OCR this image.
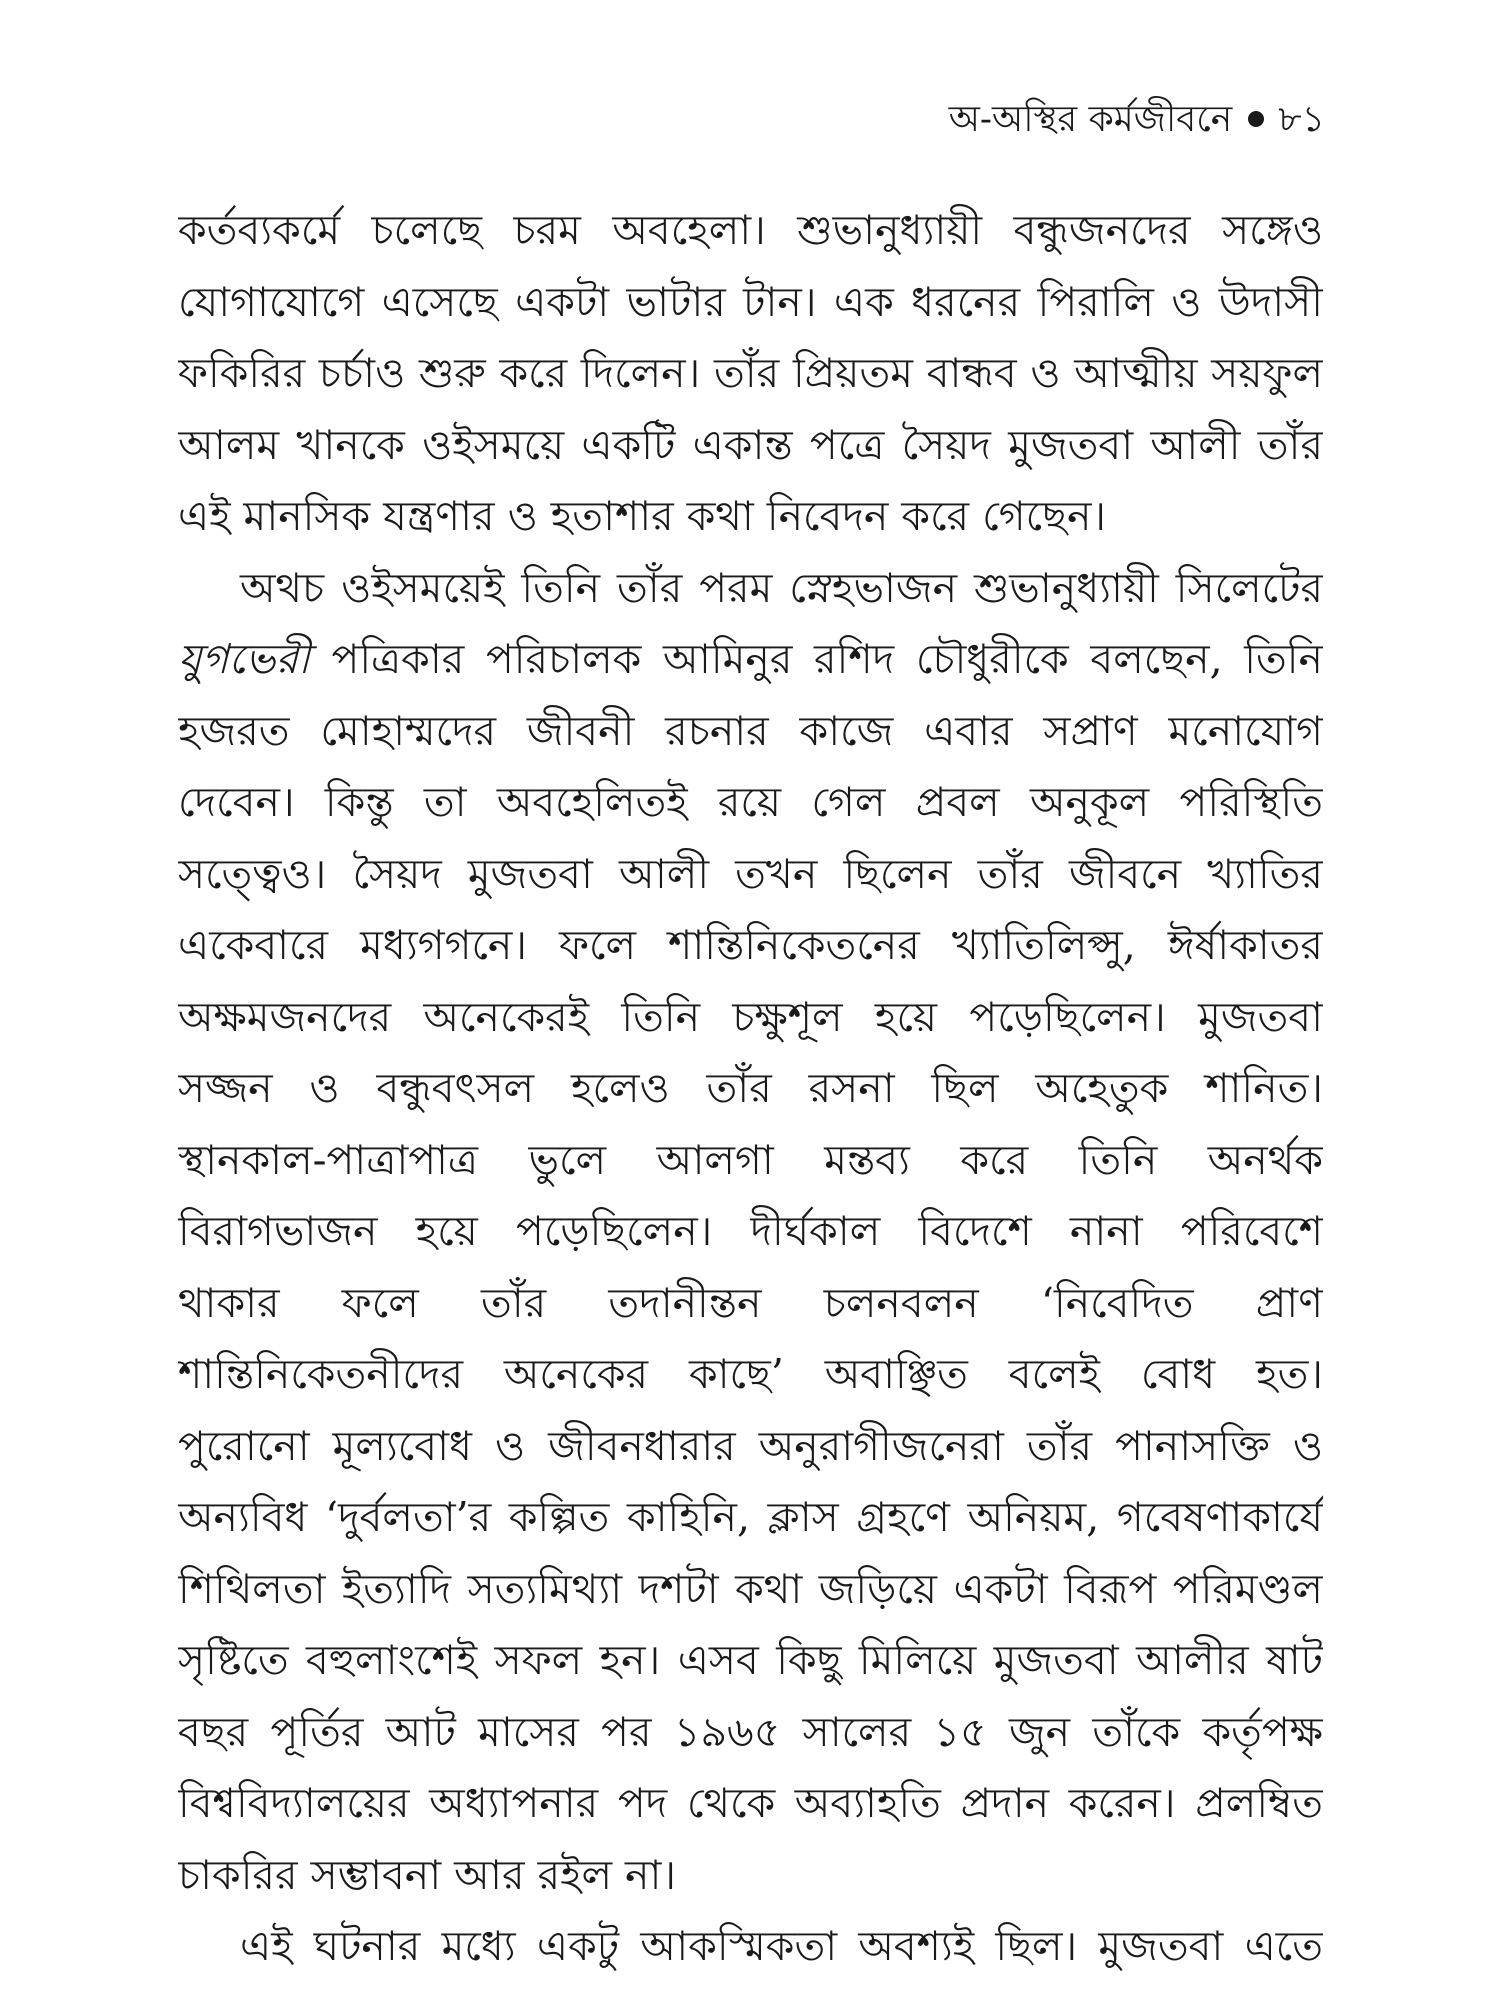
অ-অস্থির কর্মজীবনে ৮১
কর্তব্যকর্মে চলেছে চরম অবহেলা। শুভানুধ্যায়ী বন্ধুজনদের সঙ্গেও
যোগাযোগে এসেছে একটা ভাটার টান। এক ধরনের পিরালি ও উদাসী
ফকিরির চর্চাও শুরু করে দিলেন। তাঁর প্রিয়তম বান্ধব ও আত্মীয় সয়ফুল
আলম খানকে ওইসময়ে একটি একান্ত পত্রে সৈয়দ মুজতবা আলী তাঁর
এই মানসিক যন্ত্রণার ও হতাশার কথা নিবেদন করে গেছেন।
অথচ ওইসময়েই তিনি তাঁর পরম স্নেহভাজন শুভানুধ্যায়ী সিলেটের
যুগভেরী পত্রিকার পরিচালক আমিনুর রশিদ চৌধুরীকে বলছেন, তিনি
হজরত মোহাম্মদের জীবনী রচনার কাজে এবার সপ্রাণ মনোযোগ
দেবেন। কিন্তু তা অবহেলিতই রয়ে গেল প্রবল অনুকূল পরিস্থিতি
সত্ত্বেও। সৈয়দ মুজতবা আলী তখন ছিলেন তাঁর জীবনে খ্যাতির
একেবারে মধ্যগগনে। ফলে শান্তিনিকেতনের খ্যাতিলিপ্সু, ঈর্ষাকাতর
অক্ষমজনদের অনেকেরই তিনি চক্ষুশূল হয়ে পড়েছিলেন। মুজতবা
সজ্জন ও বন্ধুবৎসল হলেও তাঁর রসনা ছিল অহেতুক শানিত।
স্থানকাল-পাত্রাপাত্র ভুলে আলগা মন্তব্য করে তিনি অনর্থক
বিরাগভাজন হয়ে পড়েছিলেন। দীর্ঘকাল বিদেশে নানা পরিবেশে
থাকার ফলে তাঁর তদানীন্তন চলনবলন ‘নিবেদিত প্রাণ
শান্তিনিকেতনীদের অনেকের কাছে’ অবাঞ্ছিত বলেই বোধ হত।
পুরোনো মূল্যবোধ ও জীবনধারার অনুরাগীজনেরা তাঁর পানাসক্তি ও
অন্যবিধ ‘দুর্বলতা’র কল্পিত কাহিনি, ক্লাস গ্রহণে অনিয়ম, গবেষণাকার্যে
শিথিলতা ইত্যাদি সত্যমিথ্যা দশটা কথা জড়িয়ে একটা বিরূপ পরিমণ্ডল
সৃষ্টিতে বহুলাংশেই সফল হন। এসব কিছু মিলিয়ে মুজতবা আলীর ষাট
বছর পূর্তির আট মাসের পর ১৯৬৫ সালের ১৫ জুন তাঁকে কর্তৃপক্ষ
বিশ্ববিদ্যালয়ের অধ্যাপনার পদ থেকে অব্যাহতি প্রদান করেন। প্রলম্বিত
চাকরির সম্ভাবনা আর রইল না।
এই ঘটনার মধ্যে একটু আকস্মিকতা অবশ্যই ছিল। মুজতবা এতে
